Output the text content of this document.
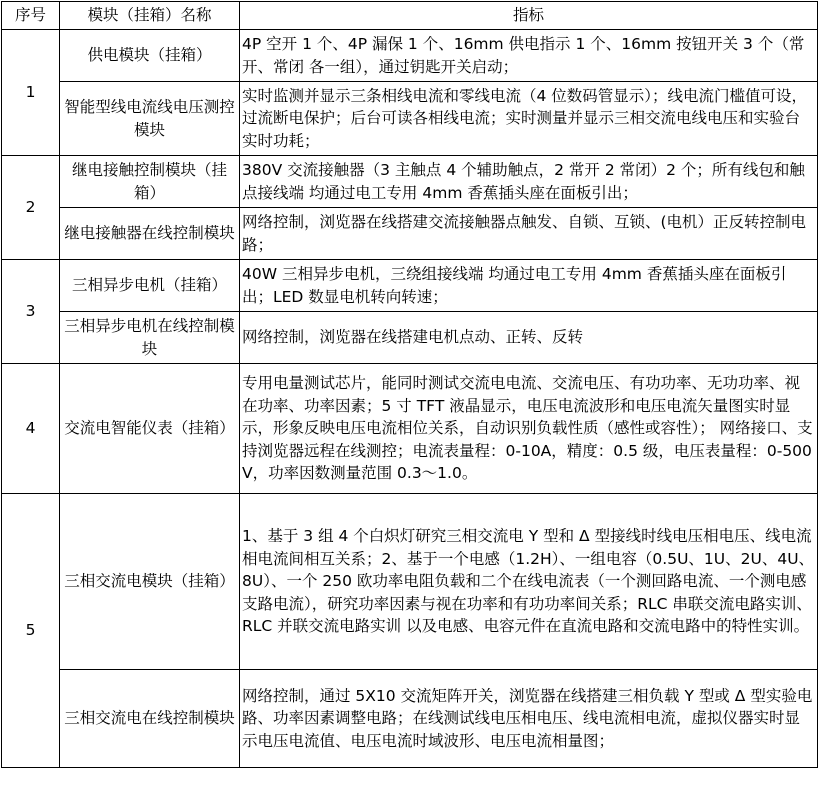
序号	模块（挂箱）名称	指标
1	供电模块（挂箱）	4P 空开 1 个、4P 漏保 1 个、16mm 供电指示 1 个、16mm 按钮开关 3 个（常开、常闭 各一组），通过钥匙开关启动；
	智能型线电流线电压测控模块	实时监测并显示三条相线电流和零线电流（4 位数码管显示）；线电流门槛值可设，过流断电保护；后台可读各相线电流；实时测量并显示三相交流电线电压和实验台实时功耗；
2	继电接触控制模块（挂箱）	380V 交流接触器（3 主触点 4 个辅助触点，2 常开 2 常闭）2 个；所有线包和触点接线端 均通过电工专用 4mm 香蕉插头座在面板引出；
	继电接触器在线控制模块	网络控制，浏览器在线搭建交流接触器点触发、自锁、互锁、(电机）正反转控制电路；
3	三相异步电机（挂箱）	40W 三相异步电机，三绕组接线端 均通过电工专用 4mm 香蕉插头座在面板引出；LED 数显电机转向转速；
	三相异步电机在线控制模块	网络控制，浏览器在线搭建电机点动、正转、反转
4	交流电智能仪表（挂箱）	专用电量测试芯片，能同时测试交流电电流、交流电压、有功功率、无功功率、视在功率、功率因素；5 寸 TFT 液晶显示，电压电流波形和电压电流矢量图实时显示，形象反映电压电流相位关系，自动识别负载性质（感性或容性）； 网络接口、支持浏览器远程在线测控；电流表量程：0-10A，精度：0.5 级，电压表量程：0-500V，功率因数测量范围 0.3～1.0。
5	三相交流电模块（挂箱）	1、基于 3 组 4 个白炽灯研究三相交流电 Y 型和 Δ 型接线时线电压相电压、线电流相电流间相互关系；2、基于一个电感（1.2H）、一组电容（0.5U、1U、2U、4U、8U）、一个 250 欧功率电阻负载和二个在线电流表（一个测回路电流、一个测电感支路电流），研究功率因素与视在功率和有功功率间关系；RLC 串联交流电路实训、RLC 并联交流电路实训 以及电感、电容元件在直流电路和交流电路中的特性实训。
	三相交流电在线控制模块	网络控制，通过 5X10 交流矩阵开关，浏览器在线搭建三相负载 Y 型或 Δ 型实验电路、功率因素调整电路；在线测试线电压相电压、线电流相电流，虚拟仪器实时显示电压电流值、电压电流时域波形、电压电流相量图；
